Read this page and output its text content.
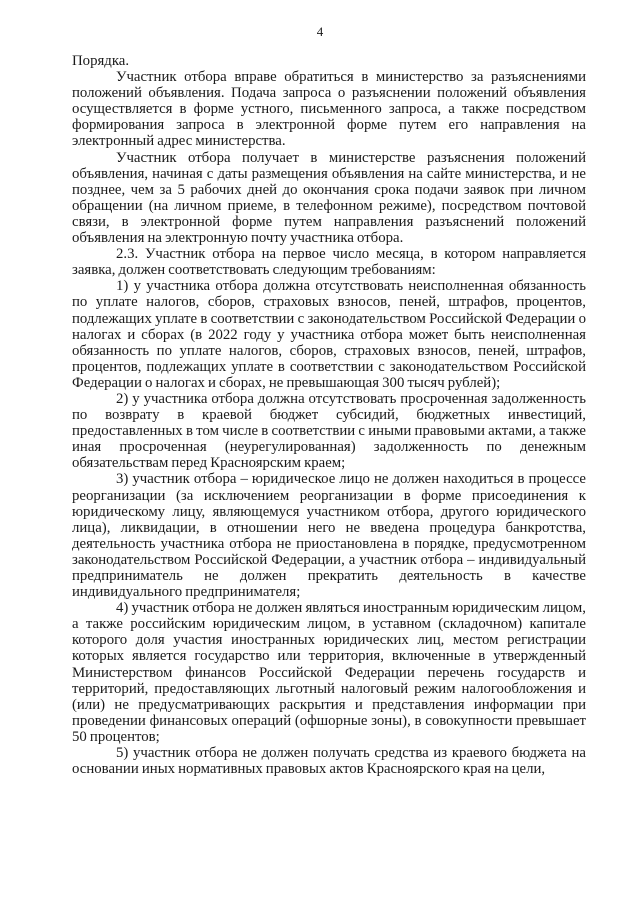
4

Порядка.

Участник отбора вправе обратиться в министерство за разъяснениями положений объявления. Подача запроса о разъяснении положений объявления осуществляется в форме устного, письменного запроса, а также посредством формирования запроса в электронной форме путем его направления на электронный адрес министерства.

Участник отбора получает в министерстве разъяснения положений объявления, начиная с даты размещения объявления на сайте министерства, и не позднее, чем за 5 рабочих дней до окончания срока подачи заявок при личном обращении (на личном приеме, в телефонном режиме), посредством почтовой связи, в электронной форме путем направления разъяснений положений объявления на электронную почту участника отбора.

2.3. Участник отбора на первое число месяца, в котором направляется заявка, должен соответствовать следующим требованиям:

1) у участника отбора должна отсутствовать неисполненная обязанность по уплате налогов, сборов, страховых взносов, пеней, штрафов, процентов, подлежащих уплате в соответствии с законодательством Российской Федерации о налогах и сборах (в 2022 году у участника отбора может быть неисполненная обязанность по уплате налогов, сборов, страховых взносов, пеней, штрафов, процентов, подлежащих уплате в соответствии с законодательством Российской Федерации о налогах и сборах, не превышающая 300 тысяч рублей);

2) у участника отбора должна отсутствовать просроченная задолженность по возврату в краевой бюджет субсидий, бюджетных инвестиций, предоставленных в том числе в соответствии с иными правовыми актами, а также иная просроченная (неурегулированная) задолженность по денежным обязательствам перед Красноярским краем;

3) участник отбора – юридическое лицо не должен находиться в процессе реорганизации (за исключением реорганизации в форме присоединения к юридическому лицу, являющемуся участником отбора, другого юридического лица), ликвидации, в отношении него не введена процедура банкротства, деятельность участника отбора не приостановлена в порядке, предусмотренном законодательством Российской Федерации, а участник отбора – индивидуальный предприниматель не должен прекратить деятельность в качестве индивидуального предпринимателя;

4) участник отбора не должен являться иностранным юридическим лицом, а также российским юридическим лицом, в уставном (складочном) капитале которого доля участия иностранных юридических лиц, местом регистрации которых является государство или территория, включенные в утвержденный Министерством финансов Российской Федерации перечень государств и территорий, предоставляющих льготный налоговый режим налогообложения и (или) не предусматривающих раскрытия и представления информации при проведении финансовых операций (офшорные зоны), в совокупности превышает 50 процентов;

5) участник отбора не должен получать средства из краевого бюджета на основании иных нормативных правовых актов Красноярского края на цели,
